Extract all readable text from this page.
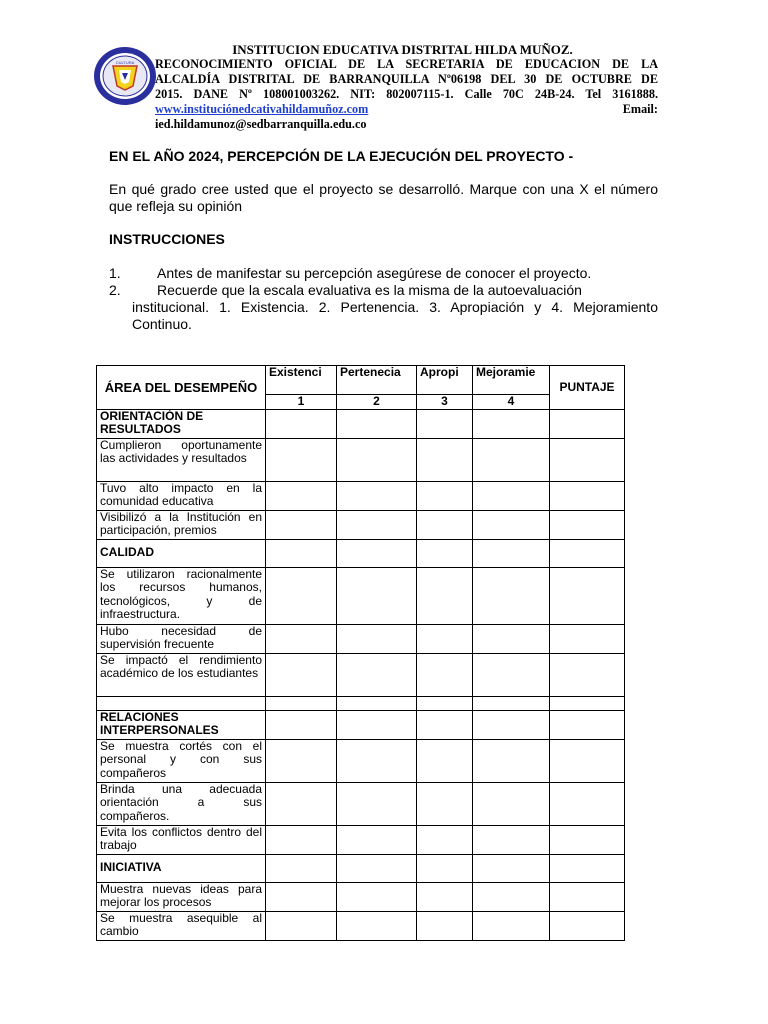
CULTURA
INSTITUCION EDUCATIVA DISTRITAL HILDA MUÑOZ.
RECONOCIMIENTO OFICIAL DE LA SECRETARIA DE EDUCACION DE LA
ALCALDÍA DISTRITAL DE BARRANQUILLA Nº06198 DEL 30 DE OCTUBRE DE
2015. DANE Nº 108001003262. NIT: 802007115-1. Calle 70C 24B-24. Tel 3161888.
www.instituciónedcativahildamuñoz.com	Email:
ied.hildamunoz@sedbarranquilla.edu.co
EN EL AÑO 2024, PERCEPCIÓN DE LA EJECUCIÓN DEL PROYECTO -
En qué grado cree usted que el proyecto se desarrolló. Marque con una X el número que refleja su opinión
INSTRUCCIONES
1.	Antes de manifestar su percepción asegúrese de conocer el proyecto.
2.	Recuerde que la escala evaluativa es la misma de la autoevaluación
institucional. 1. Existencia. 2. Pertenencia. 3. Apropiación y 4. Mejoramiento Continuo.
ÁREA DEL DESEMPEÑO	Existenci	Pertenecia	Apropi	Mejoramie	PUNTAJE
	1	2	3	4	
ORIENTACIÓN DE RESULTADOS					
Cumplieron oportunamente las actividades y resultados					
Tuvo alto impacto en la comunidad educativa					
Visibilizó a la Institución en participación, premios					
CALIDAD					
Se utilizaron racionalmente los recursos humanos, tecnológicos, y de infraestructura.					
Hubo necesidad de supervisión frecuente					
Se impactó el rendimiento académico de los estudiantes					

RELACIONES INTERPERSONALES					
Se muestra cortés con el personal y con sus compañeros					
Brinda una adecuada orientación a sus compañeros.					
Evita los conflictos dentro del trabajo					
INICIATIVA					
Muestra nuevas ideas para mejorar los procesos					
Se muestra asequible al cambio					
